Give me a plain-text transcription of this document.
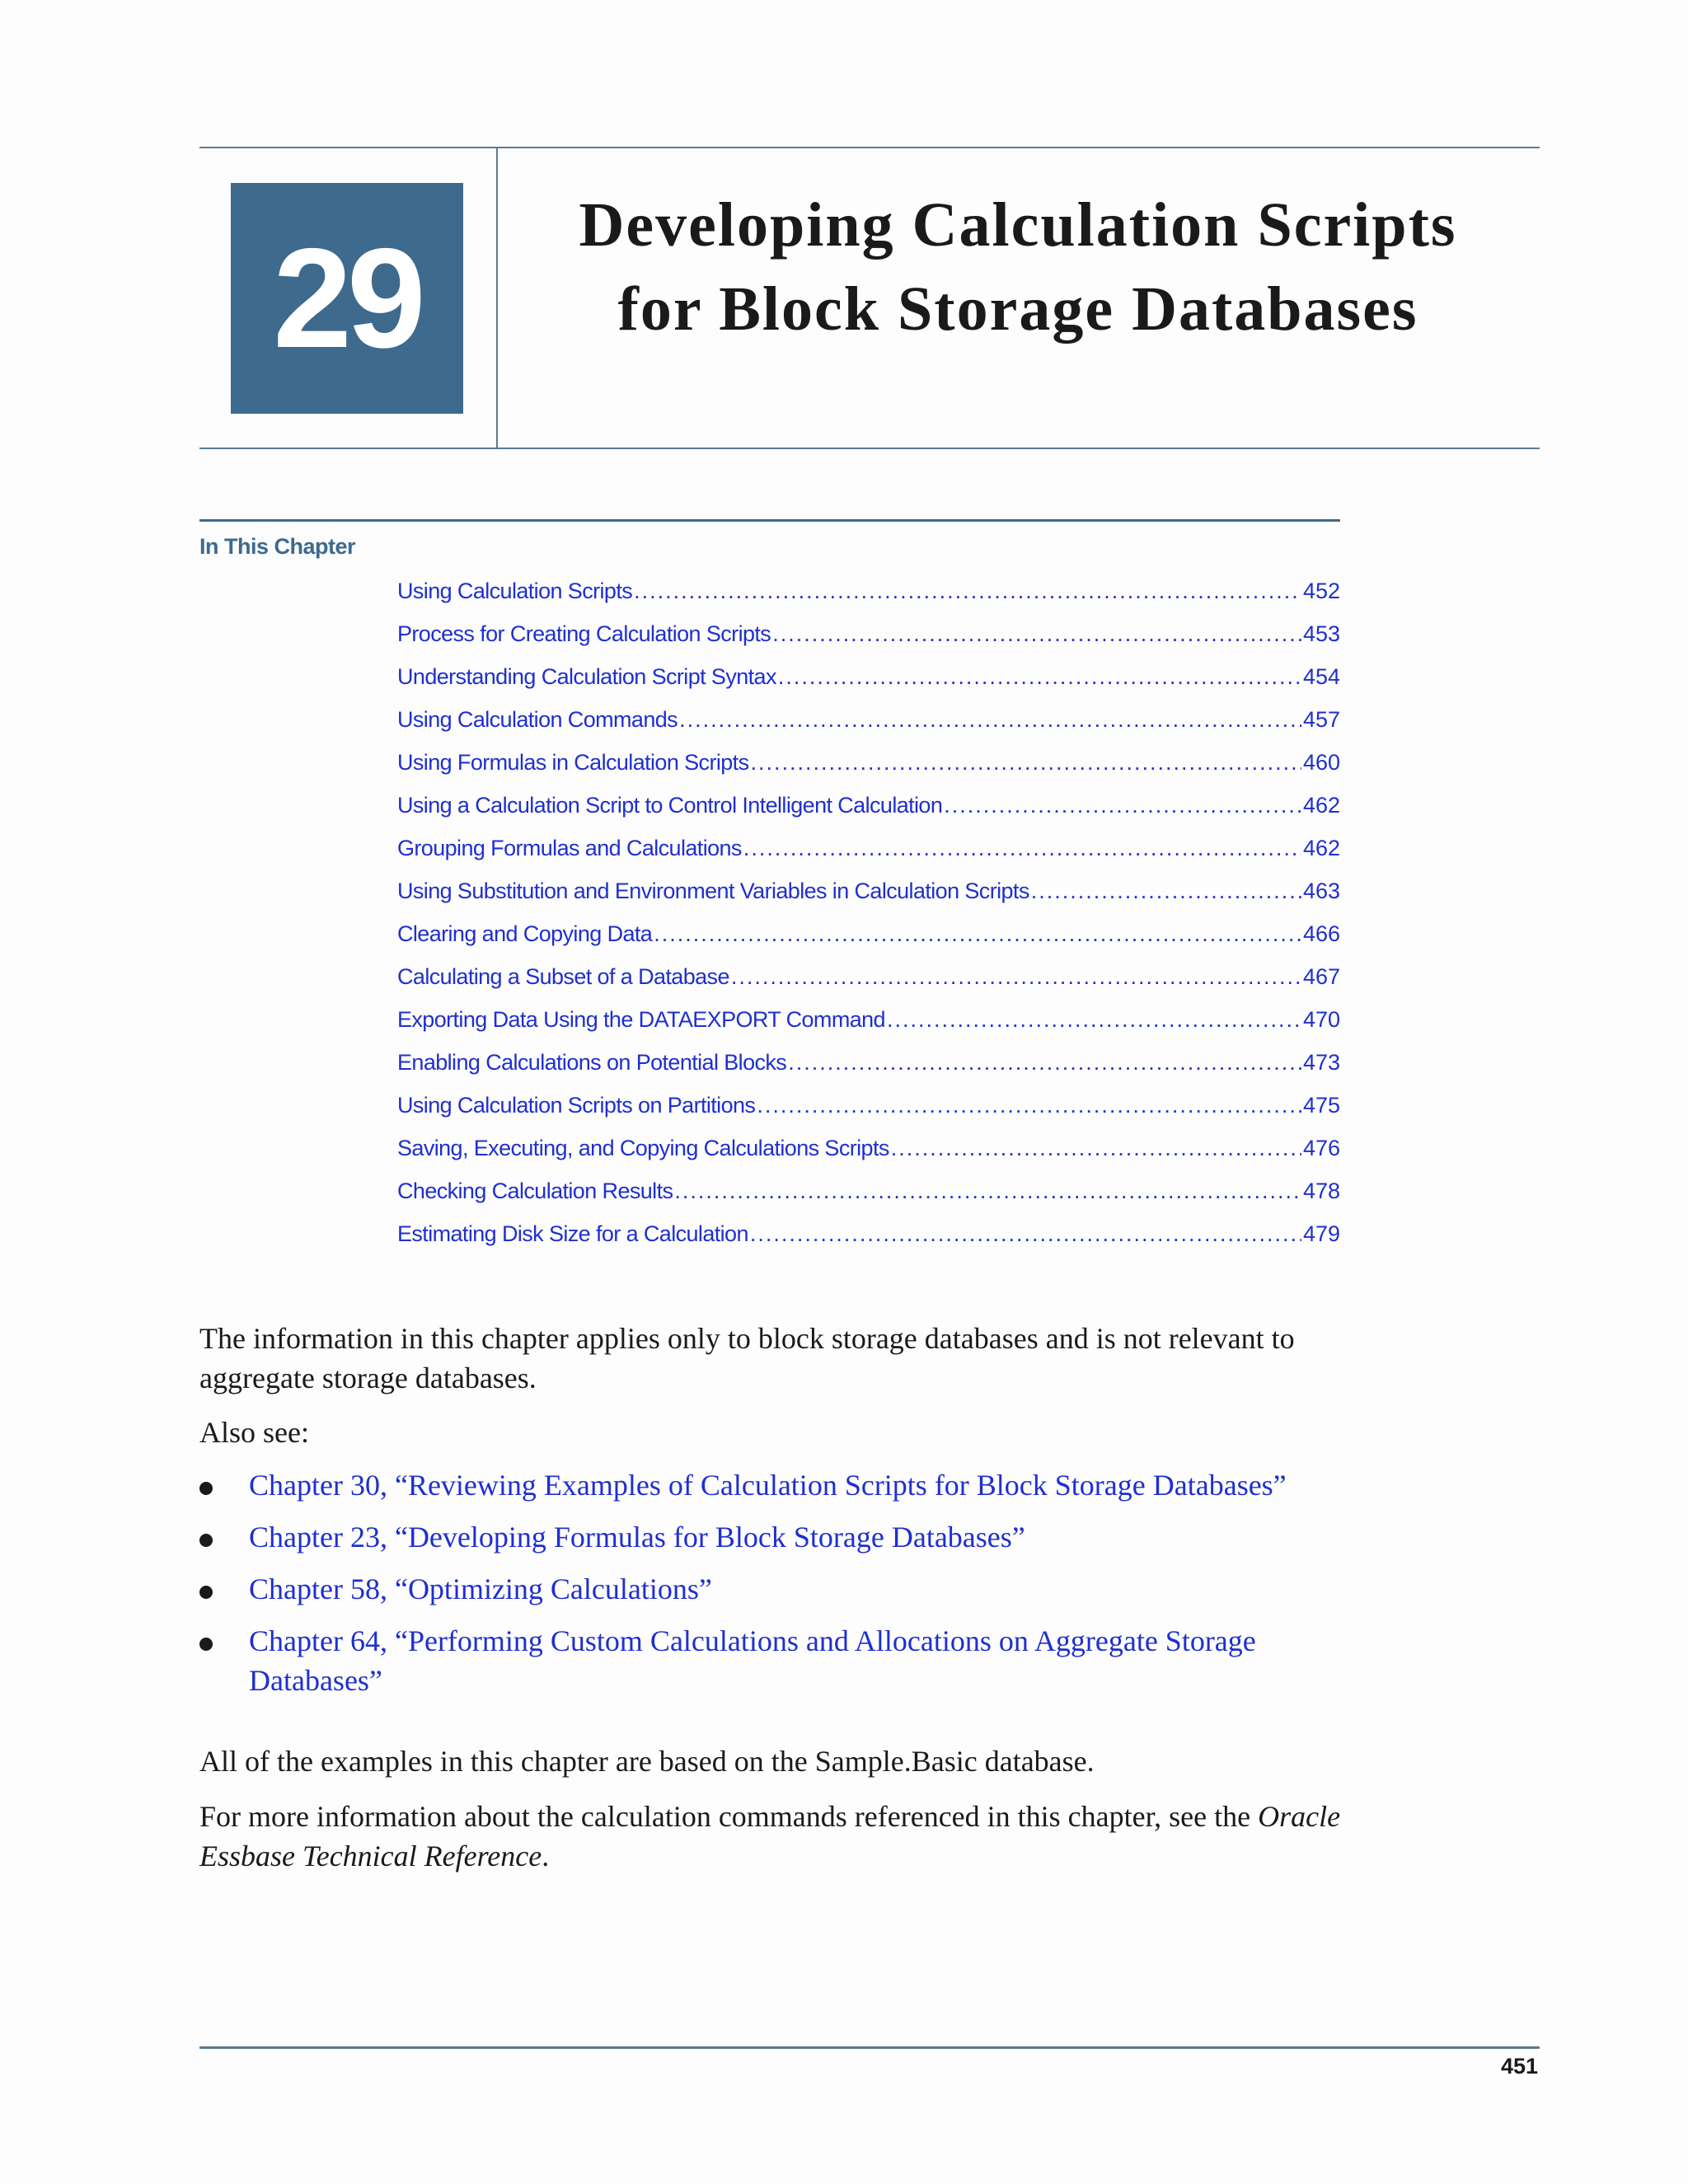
29	Developing Calculation Scripts
for Block Storage Databases
In This Chapter
Using Calculation Scripts .....	452
Process for Creating Calculation Scripts .....	453
Understanding Calculation Script Syntax .....	454
Using Calculation Commands .....	457
Using Formulas in Calculation Scripts .....	460
Using a Calculation Script to Control Intelligent Calculation .....	462
Grouping Formulas and Calculations .....	462
Using Substitution and Environment Variables in Calculation Scripts .....	463
Clearing and Copying Data .....	466
Calculating a Subset of a Database .....	467
Exporting Data Using the DATAEXPORT Command .....	470
Enabling Calculations on Potential Blocks .....	473
Using Calculation Scripts on Partitions .....	475
Saving, Executing, and Copying Calculations Scripts .....	476
Checking Calculation Results .....	478
Estimating Disk Size for a Calculation .....	479

The information in this chapter applies only to block storage databases and is not relevant to aggregate storage databases.

Also see:

Chapter 30, “Reviewing Examples of Calculation Scripts for Block Storage Databases”
Chapter 23, “Developing Formulas for Block Storage Databases”
Chapter 58, “Optimizing Calculations”
Chapter 64, “Performing Custom Calculations and Allocations on Aggregate Storage Databases”

All of the examples in this chapter are based on the Sample.Basic database.

For more information about the calculation commands referenced in this chapter, see the Oracle Essbase Technical Reference.

451
